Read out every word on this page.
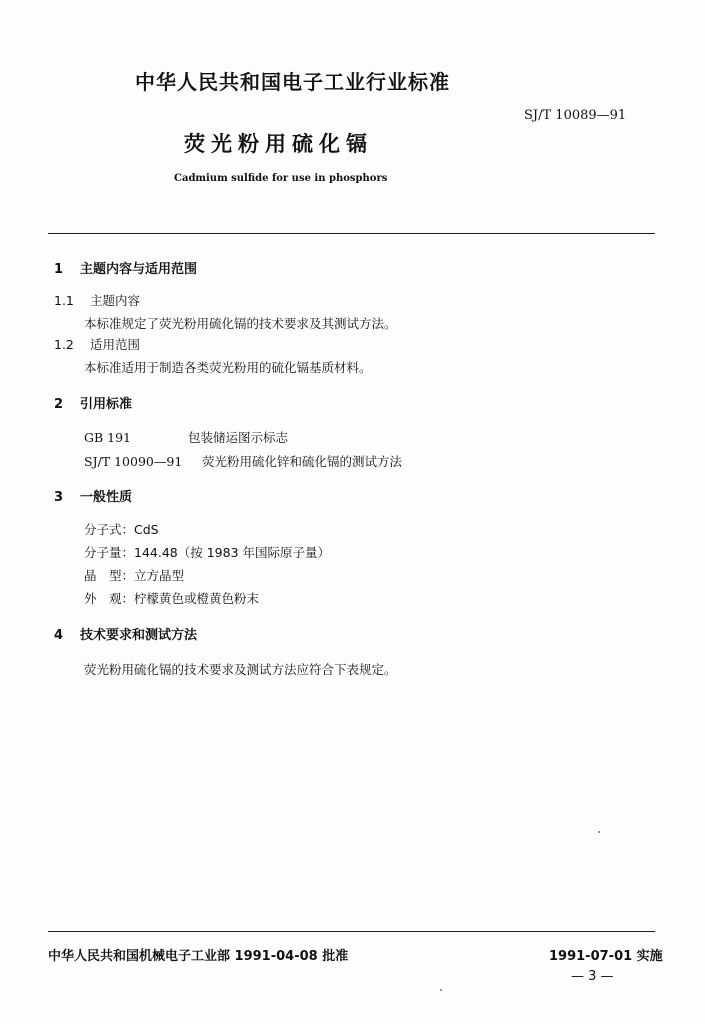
中华人民共和国电子工业行业标准
SJ/T 10089—91
荧光粉用硫化镉
Cadmium sulfide for use in phosphors
1 主题内容与适用范围
1.1 主题内容
本标准规定了荧光粉用硫化镉的技术要求及其测试方法。
1.2 适用范围
本标准适用于制造各类荧光粉用的硫化镉基质材料。
2 引用标准
GB 191	包装储运图示标志
SJ/T 10090—91 荧光粉用硫化锌和硫化镉的测试方法
3 一般性质
分子式：CdS
分子量：144.48（按 1983 年国际原子量）
晶　型：立方晶型
外　观：柠檬黄色或橙黄色粉末
4 技术要求和测试方法
荧光粉用硫化镉的技术要求及测试方法应符合下表规定。
中华人民共和国机械电子工业部 1991-04-08 批准	1991-07-01 实施
— 3 —
